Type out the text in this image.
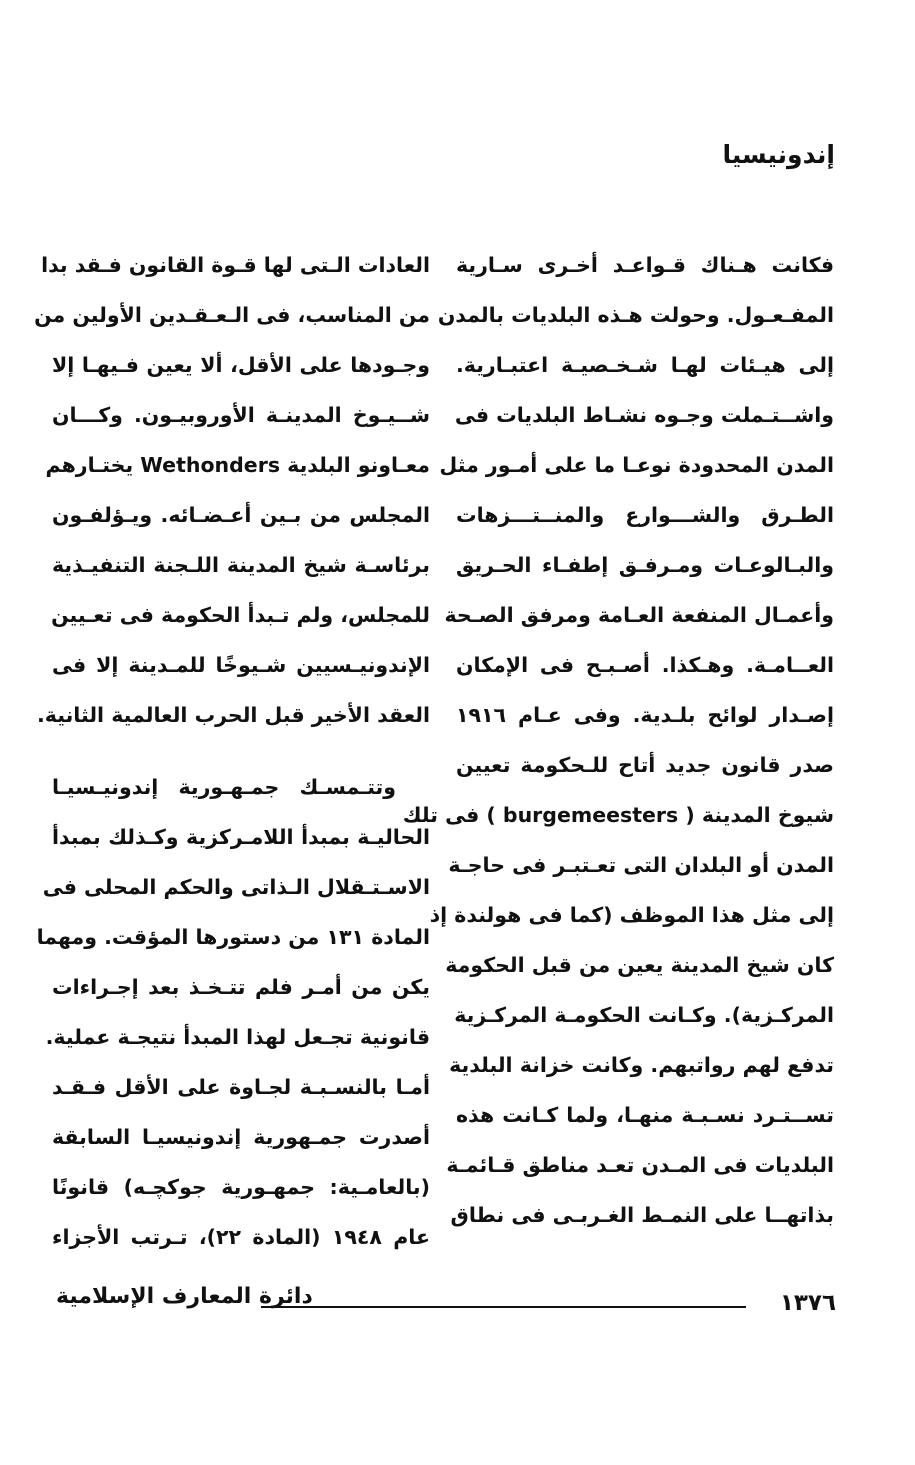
إندونيسيا
فكانت هـناك قـواعـد أخـرى سـارية
المفـعـول. وحولت هـذه البلديات بالمدن
إلى هيـئات لهـا شـخـصيـة اعتبـارية.
واشــتـملت وجـوه نشـاط البلديات فى
المدن المحدودة نوعـا ما على أمـور مثل
الطـرق والشـــوارع والمنــتـــزهات
والبـالوعـات ومـرفـق إطفـاء الحـريق
وأعمـال المنفعة العـامة ومرفق الصـحة
العــامـة. وهـكذا. أصـبـح فى الإمكان
إصـدار لوائح بلـدية. وفى عـام ١٩١٦
صدر قانون جديد أتاح للـحكومة تعيين
شيوخ المدينة ( burgemeesters ) فى تلك
المدن أو البلدان التى تعـتبـر فى حاجـة
إلى مثل هذا الموظف (كما فى هولندة إذ
كان شيخ المدينة يعين من قبل الحكومة
المركـزية). وكـانت الحكومـة المركـزية
تدفع لهم رواتبهم. وكانت خزانة البلدية
تســتـرد نسـبـة منهـا، ولما كـانت هذه
البلديات فى المـدن تعـد مناطق قـائمـة
بذاتهــا على النمـط الغـربـى فى نطاق
العادات الـتى لها قـوة القانون فـقد بدا
من المناسب، فى الـعـقـدين الأولين من
وجـودها على الأقل، ألا يعين فـيهـا إلا
شــيـوخ المدينـة الأوروبيـون. وكـــان
معـاونو البلدية Wethonders يختـارهم
المجلس من بـين أعـضـائه. ويـؤلفـون
برئاسـة شيخ المدينة اللـجنة التنفيـذية
للمجلس، ولم تـبدأ الحكومة فى تعـيين
الإندونيـسيين شـيوخًا للمـدينة إلا فى
العقد الأخير قبل الحرب العالمية الثانية.
وتتـمسـك جمـهـورية إندونيـسيـا
الحاليـة بمبدأ اللامـركزية وكـذلك بمبدأ
الاسـتـقلال الـذاتى والحكم المحلى فى
المادة ١٣١ من دستورها المؤقت. ومهما
يكن من أمـر فلم تتـخـذ بعد إجـراءات
قانونية تجـعل لهذا المبدأ نتيجـة عملية.
أمـا بالنسـبـة لجـاوة على الأقل فـقـد
أصدرت جمـهورية إندونيسيـا السابقة
(بالعامـية: جمهـورية جوكچـه) قانونًا
عام ١٩٤٨ (المادة ٢٢)، تـرتب الأجزاء
١٣٧٦
دائرة المعارف الإسلامية
